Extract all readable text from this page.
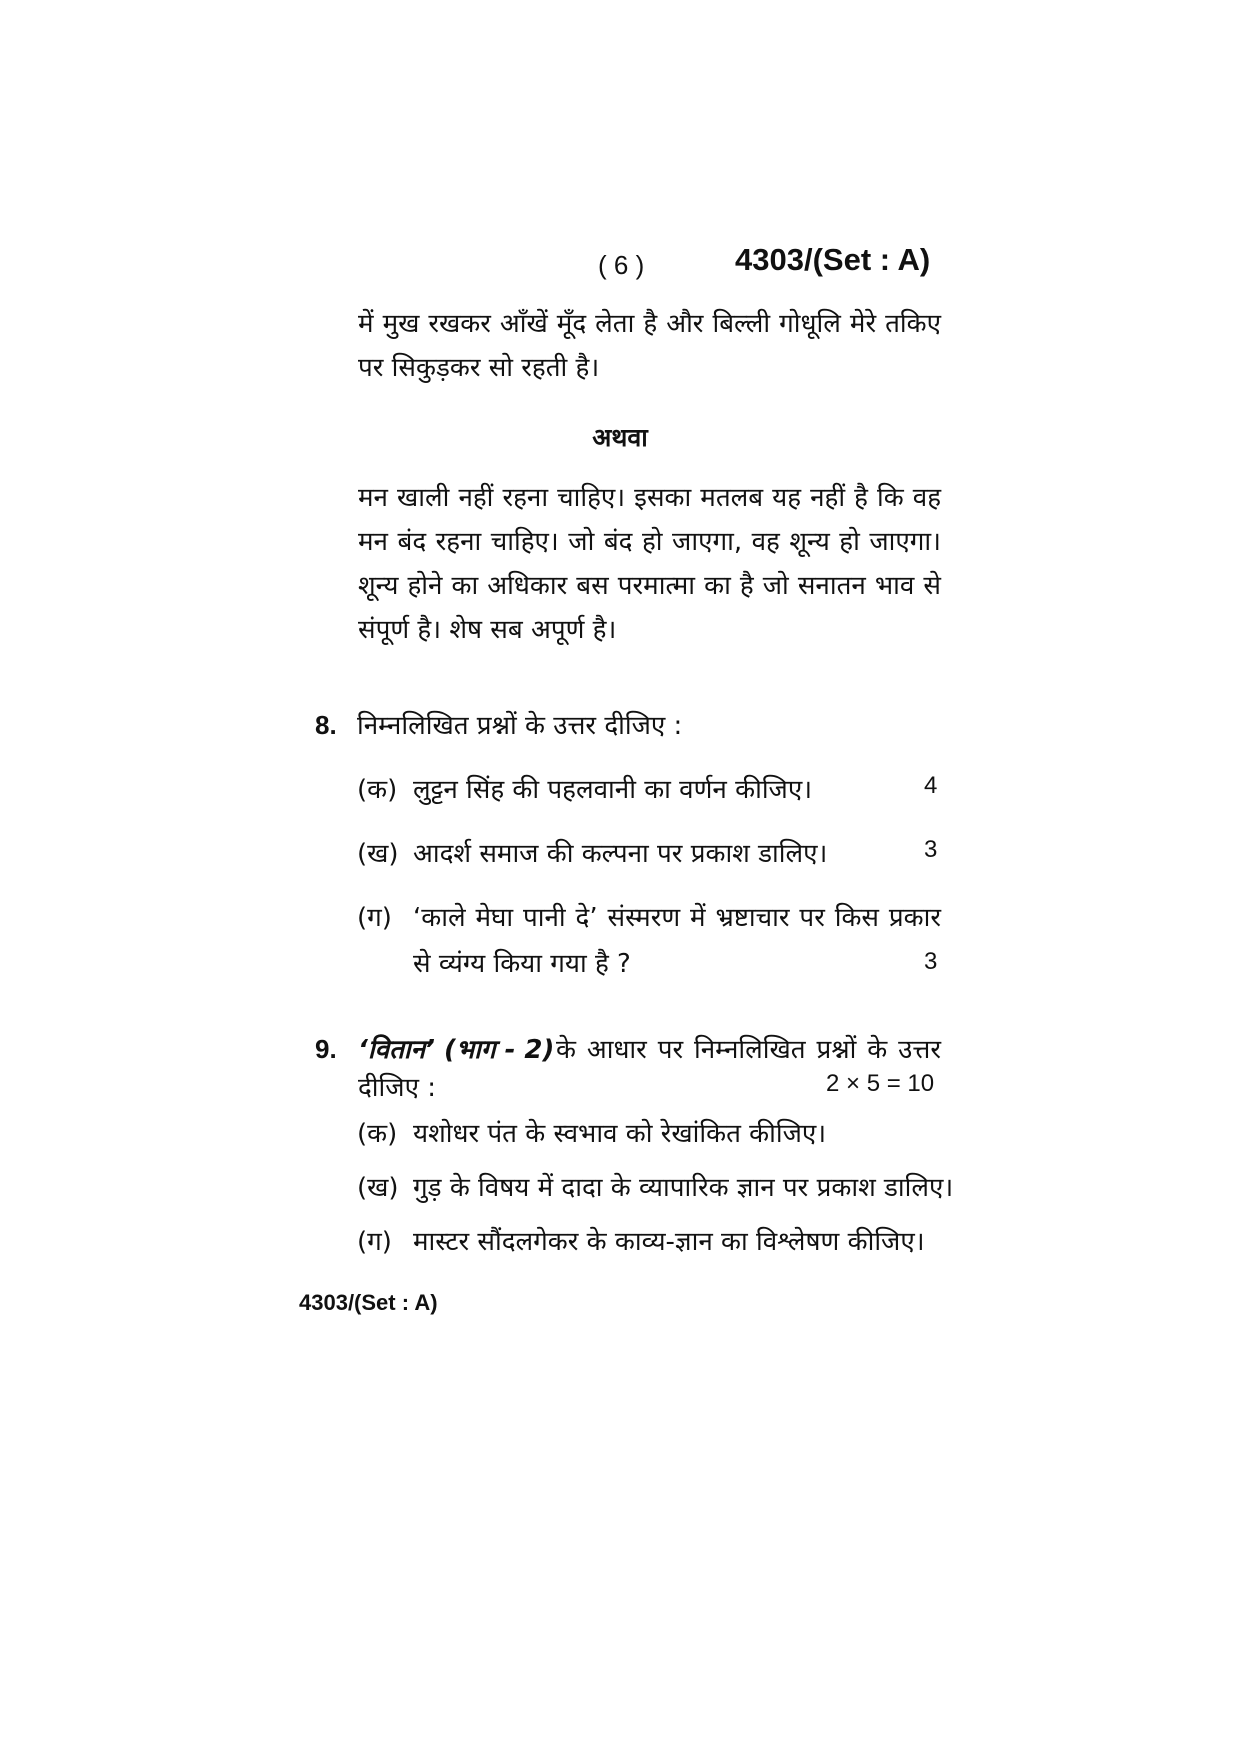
( 6 )	4303/(Set : A)
में मुख रखकर आँखें मूँद लेता है और बिल्ली गोधूलि मेरे तकिए
पर सिकुड़कर सो रहती है।
अथवा
मन खाली नहीं रहना चाहिए। इसका मतलब यह नहीं है कि वह
मन बंद रहना चाहिए। जो बंद हो जाएगा, वह शून्य हो जाएगा।
शून्य होने का अधिकार बस परमात्मा का है जो सनातन भाव से
संपूर्ण है। शेष सब अपूर्ण है।
8. निम्नलिखित प्रश्नों के उत्तर दीजिए :
(क) लुट्टन सिंह की पहलवानी का वर्णन कीजिए।	4
(ख) आदर्श समाज की कल्पना पर प्रकाश डालिए।	3
(ग) ‘काले मेघा पानी दे’ संस्मरण में भ्रष्टाचार पर किस प्रकार
से व्यंग्य किया गया है ?	3
9. ‘वितान’ (भाग - 2) के आधार पर निम्नलिखित प्रश्नों के उत्तर
दीजिए :	2 × 5 = 10
(क) यशोधर पंत के स्वभाव को रेखांकित कीजिए।
(ख) गुड़ के विषय में दादा के व्यापारिक ज्ञान पर प्रकाश डालिए।
(ग) मास्टर सौंदलगेकर के काव्य-ज्ञान का विश्लेषण कीजिए।
4303/(Set : A)
